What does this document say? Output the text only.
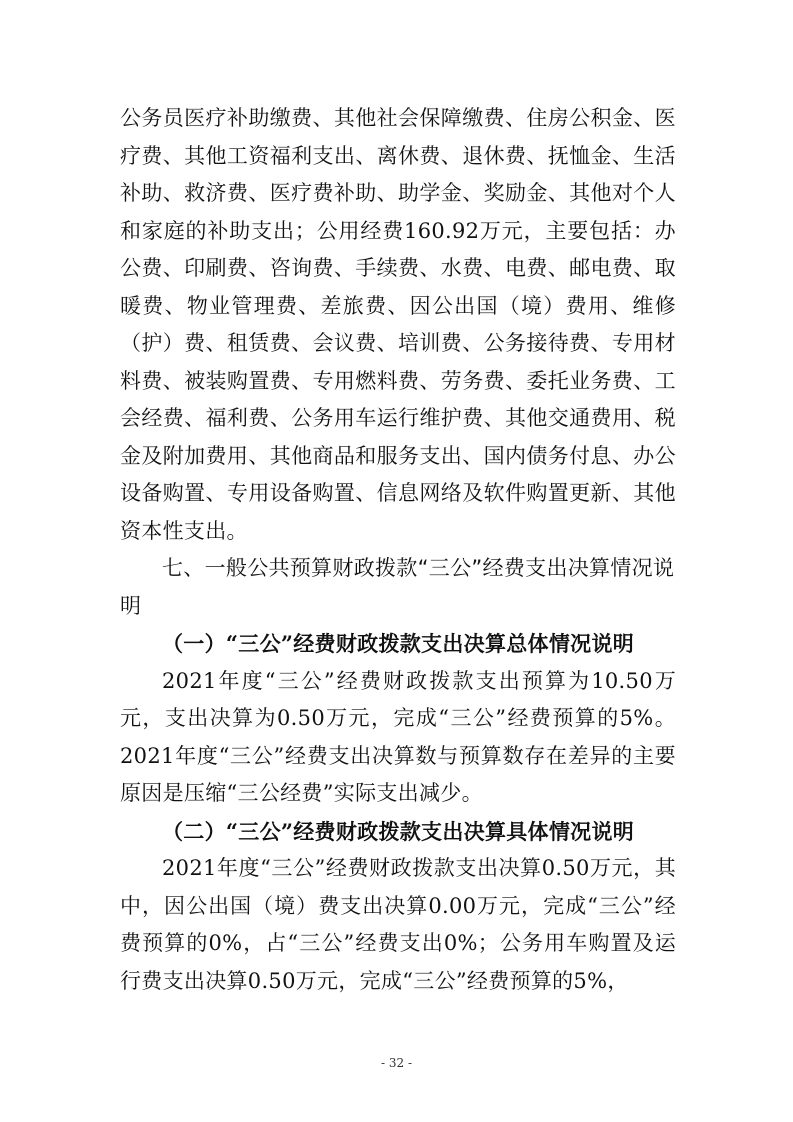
公务员医疗补助缴费、其他社会保障缴费、住房公积金、医疗费、其他工资福利支出、离休费、退休费、抚恤金、生活补助、救济费、医疗费补助、助学金、奖励金、其他对个人和家庭的补助支出；公用经费160.92万元，主要包括：办公费、印刷费、咨询费、手续费、水费、电费、邮电费、取暖费、物业管理费、差旅费、因公出国（境）费用、维修（护）费、租赁费、会议费、培训费、公务接待费、专用材料费、被装购置费、专用燃料费、劳务费、委托业务费、工会经费、福利费、公务用车运行维护费、其他交通费用、税金及附加费用、其他商品和服务支出、国内债务付息、办公设备购置、专用设备购置、信息网络及软件购置更新、其他资本性支出。

七、一般公共预算财政拨款“三公”经费支出决算情况说明

（一）“三公”经费财政拨款支出决算总体情况说明

2021年度“三公”经费财政拨款支出预算为10.50万元，支出决算为0.50万元，完成“三公”经费预算的5%。2021年度“三公”经费支出决算数与预算数存在差异的主要原因是压缩“三公经费”实际支出减少。

（二）“三公”经费财政拨款支出决算具体情况说明

2021年度“三公”经费财政拨款支出决算0.50万元，其中，因公出国（境）费支出决算0.00万元，完成“三公”经费预算的0%，占“三公”经费支出0%；公务用车购置及运行费支出决算0.50万元，完成“三公”经费预算的5%，

- 32 -
